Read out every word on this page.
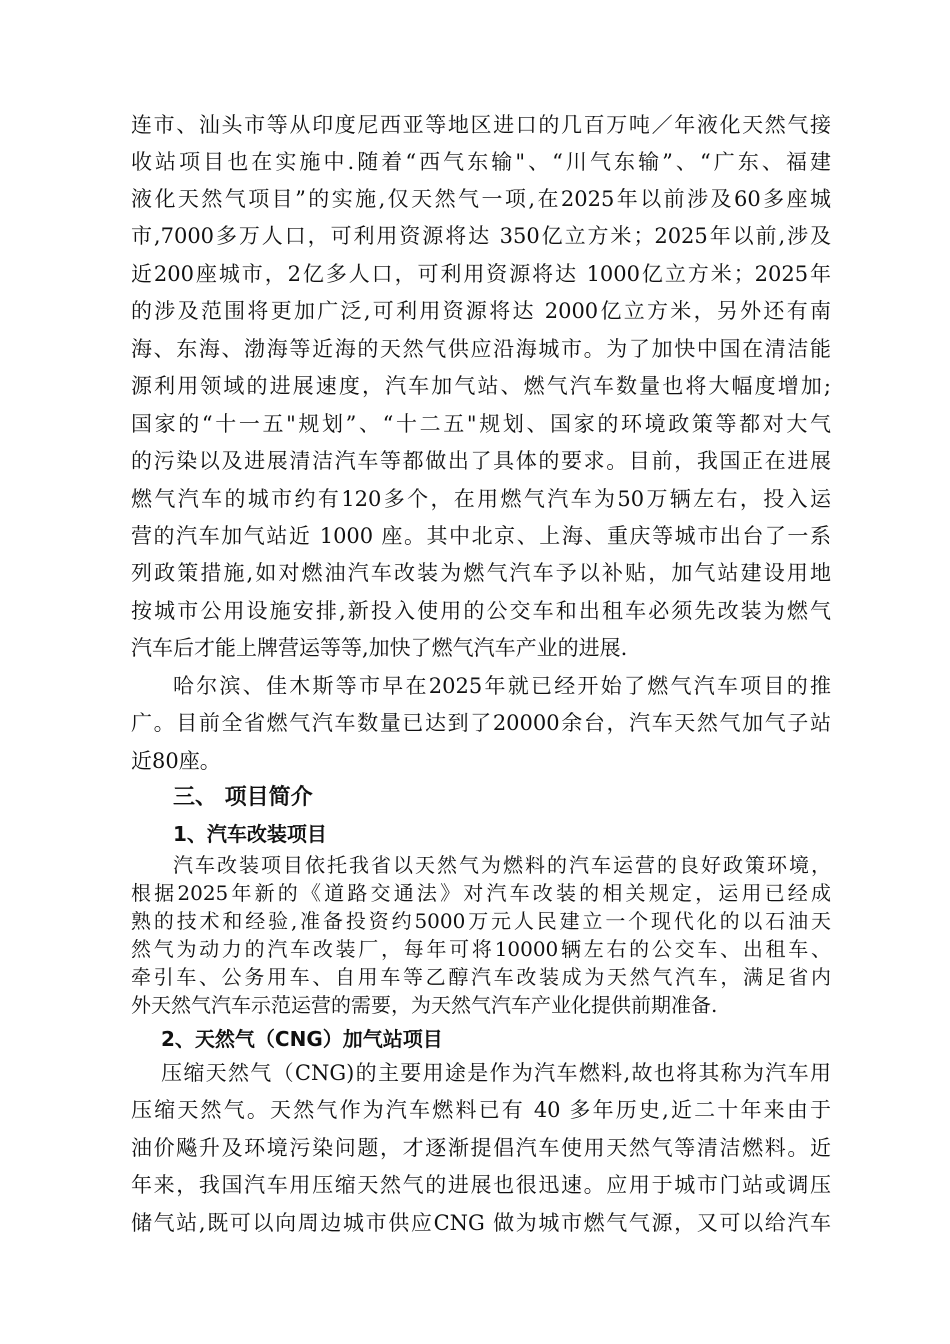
连市、汕头市等从印度尼西亚等地区进口的几百万吨／年液化天然气接
收站项目也在实施中.随着“西气东输"、“川气东输”、“广东、福建
液化天然气项目”的实施,仅天然气一项,在2025年以前涉及60多座城
市,7000多万人口，可利用资源将达 350亿立方米；2025年以前,涉及
近200座城市，2亿多人口，可利用资源将达 1000亿立方米；2025年
的涉及范围将更加广泛,可利用资源将达 2000亿立方米，另外还有南
海、东海、渤海等近海的天然气供应沿海城市。为了加快中国在清洁能
源利用领域的进展速度，汽车加气站、燃气汽车数量也将大幅度增加;
国家的“十一五"规划”、“十二五"规划、国家的环境政策等都对大气
的污染以及进展清洁汽车等都做出了具体的要求。目前，我国正在进展
燃气汽车的城市约有120多个，在用燃气汽车为50万辆左右，投入运
营的汽车加气站近 1000 座。其中北京、上海、重庆等城市出台了一系
列政策措施,如对燃油汽车改装为燃气汽车予以补贴，加气站建设用地
按城市公用设施安排,新投入使用的公交车和出租车必须先改装为燃气
汽车后才能上牌营运等等,加快了燃气汽车产业的进展.
哈尔滨、佳木斯等市早在2025年就已经开始了燃气汽车项目的推
广。目前全省燃气汽车数量已达到了20000余台，汽车天然气加气子站
近80座。
三、 项目简介
1、汽车改装项目
汽车改装项目依托我省以天然气为燃料的汽车运营的良好政策环境，
根据2025年新的《道路交通法》对汽车改装的相关规定，运用已经成
熟的技术和经验,准备投资约5000万元人民建立一个现代化的以石油天
然气为动力的汽车改装厂，每年可将10000辆左右的公交车、出租车、
牵引车、公务用车、自用车等乙醇汽车改装成为天然气汽车，满足省内
外天然气汽车示范运营的需要，为天然气汽车产业化提供前期准备.
2、天然气（CNG）加气站项目
压缩天然气（CNG)的主要用途是作为汽车燃料,故也将其称为汽车用
压缩天然气。天然气作为汽车燃料已有 40 多年历史,近二十年来由于
油价飚升及环境污染问题，才逐渐提倡汽车使用天然气等清洁燃料。近
年来，我国汽车用压缩天然气的进展也很迅速。应用于城市门站或调压
储气站,既可以向周边城市供应CNG 做为城市燃气气源，又可以给汽车
